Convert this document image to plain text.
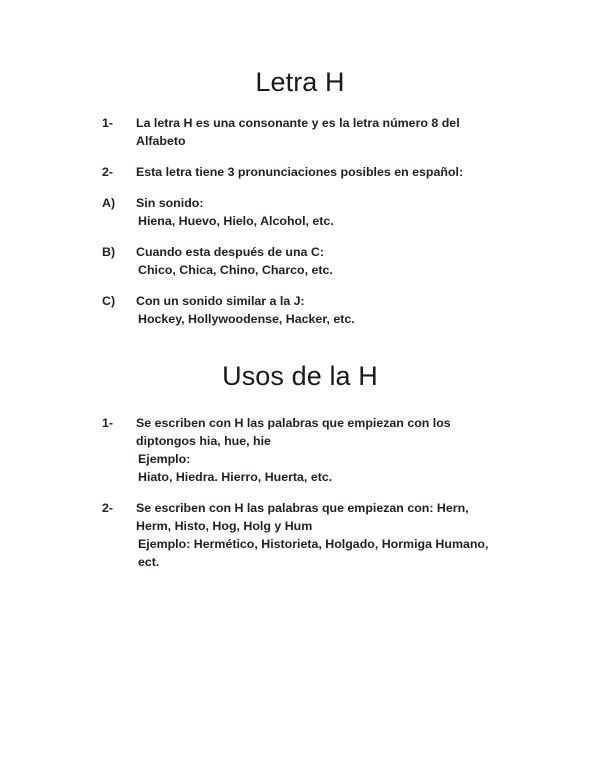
Letra H
1-	La letra H es una consonante y es la letra número 8 del Alfabeto
2-	Esta letra tiene 3 pronunciaciones posibles en español:
A)	Sin sonido:
Hiena, Huevo, Hielo, Alcohol, etc.
B)	Cuando esta después de una C:
Chico, Chica, Chino, Charco, etc.
C)	Con un sonido similar a la J:
Hockey, Hollywoodense, Hacker, etc.
Usos de la H
1-	Se escriben con H las palabras que empiezan con los diptongos hia, hue, hie
Ejemplo:
Hiato, Hiedra. Hierro, Huerta, etc.
2-	Se escriben con H las palabras que empiezan con: Hern, Herm, Histo, Hog, Holg y Hum
Ejemplo: Hermético, Historieta, Holgado, Hormiga Humano, ect.
